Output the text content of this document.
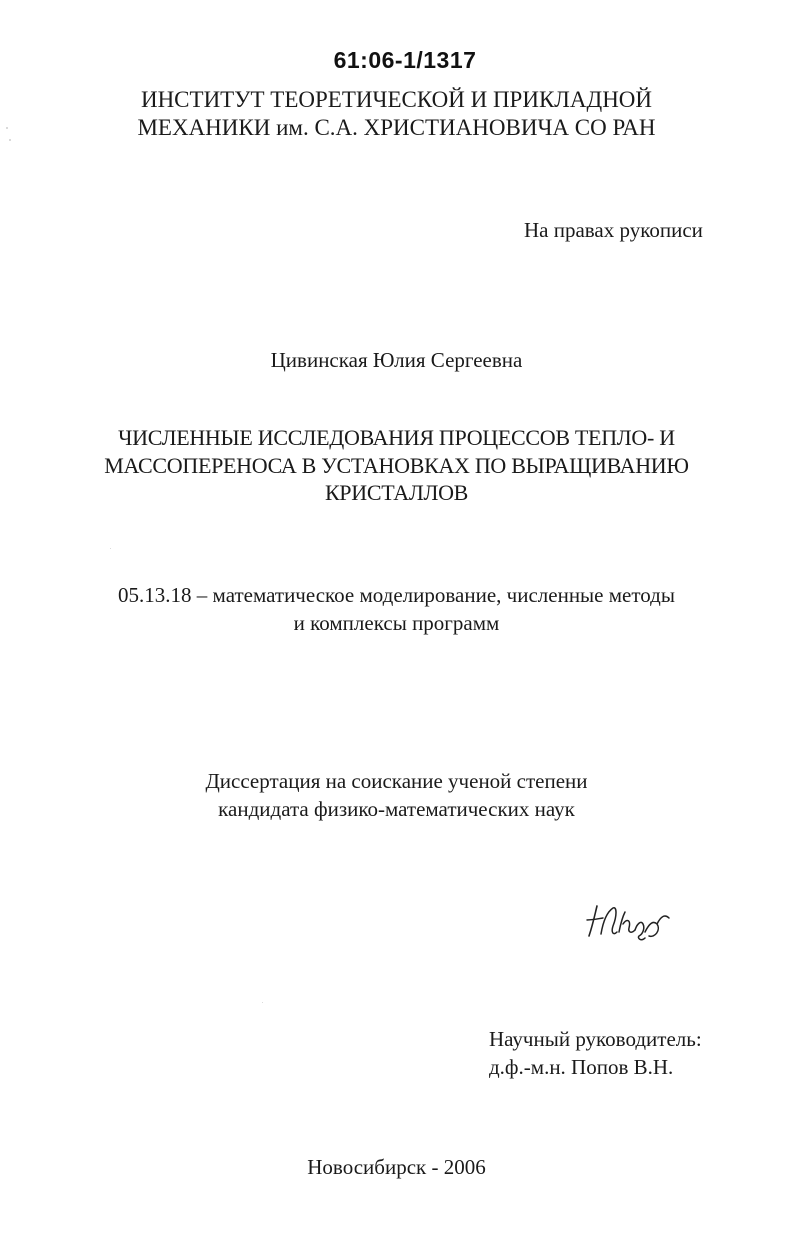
61:06-1/1317
ИНСТИТУТ ТЕОРЕТИЧЕСКОЙ И ПРИКЛАДНОЙ
МЕХАНИКИ им. С.А. ХРИСТИАНОВИЧА СО РАН
На правах рукописи
Цивинская Юлия Сергеевна
ЧИСЛЕННЫЕ ИССЛЕДОВАНИЯ ПРОЦЕССОВ ТЕПЛО- И
МАССОПЕРЕНОСА В УСТАНОВКАХ ПО ВЫРАЩИВАНИЮ
КРИСТАЛЛОВ
05.13.18 – математическое моделирование, численные методы
и комплексы программ
Диссертация на соискание ученой степени
кандидата физико-математических наук
Научный руководитель:
д.ф.-м.н. Попов В.Н.
Новосибирск - 2006
